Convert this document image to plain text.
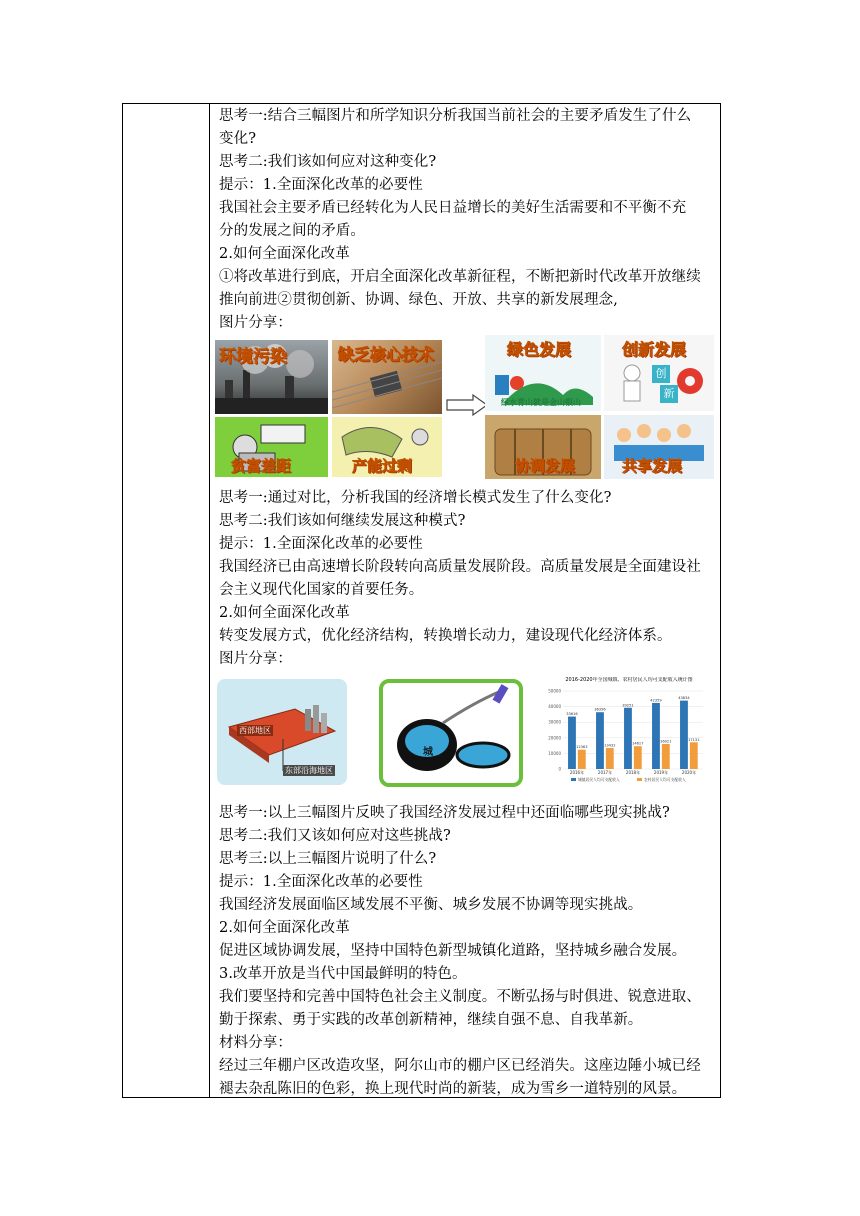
思考一:结合三幅图片和所学知识分析我国当前社会的主要矛盾发生了什么
变化?
思考二:我们该如何应对这种变化?
提示：1.全面深化改革的必要性
我国社会主要矛盾已经转化为人民日益增长的美好生活需要和不平衡不充
分的发展之间的矛盾。
2.如何全面深化改革
①将改革进行到底，开启全面深化改革新征程，不断把新时代改革开放继续
推向前进②贯彻创新、协调、绿色、开放、共享的新发展理念,
图片分享：
环境污染	缺乏核心技术
贫富差距	产能过剩
绿色发展
绿水青山就是金山银山
创
新
创新发展
协调发展	共享发展
思考一:通过对比，分析我国的经济增长模式发生了什么变化?
思考二:我们该如何继续发展这种模式?
提示：1.全面深化改革的必要性
我国经济已由高速增长阶段转向高质量发展阶段。高质量发展是全面建设社
会主义现代化国家的首要任务。
2.如何全面深化改革
转变发展方式，优化经济结构，转换增长动力，建设现代化经济体系。
图片分享：
西部地区
东部沿海地区
城
2016-2020年全国城镇、农村居民人均可支配收入统计图
0
10000
20000
30000
40000
50000
33616
12363
2016年
36396
13432
2017年
39251
14617
2018年
42359
16021
2019年
43834
17131
2020年
城镇居民人均可支配收入	农村居民人均可支配收入
思考一:以上三幅图片反映了我国经济发展过程中还面临哪些现实挑战?
思考二:我们又该如何应对这些挑战?
思考三:以上三幅图片说明了什么?
提示：1.全面深化改革的必要性
我国经济发展面临区域发展不平衡、城乡发展不协调等现实挑战。
2.如何全面深化改革
促进区域协调发展，坚持中国特色新型城镇化道路，坚持城乡融合发展。
3.改革开放是当代中国最鲜明的特色。
我们要坚持和完善中国特色社会主义制度。不断弘扬与时俱进、锐意进取、
勤于探索、勇于实践的改革创新精神，继续自强不息、自我革新。
材料分享：
经过三年棚户区改造攻坚，阿尔山市的棚户区已经消失。这座边陲小城已经
褪去杂乱陈旧的色彩，换上现代时尚的新装，成为雪乡一道特别的风景。
